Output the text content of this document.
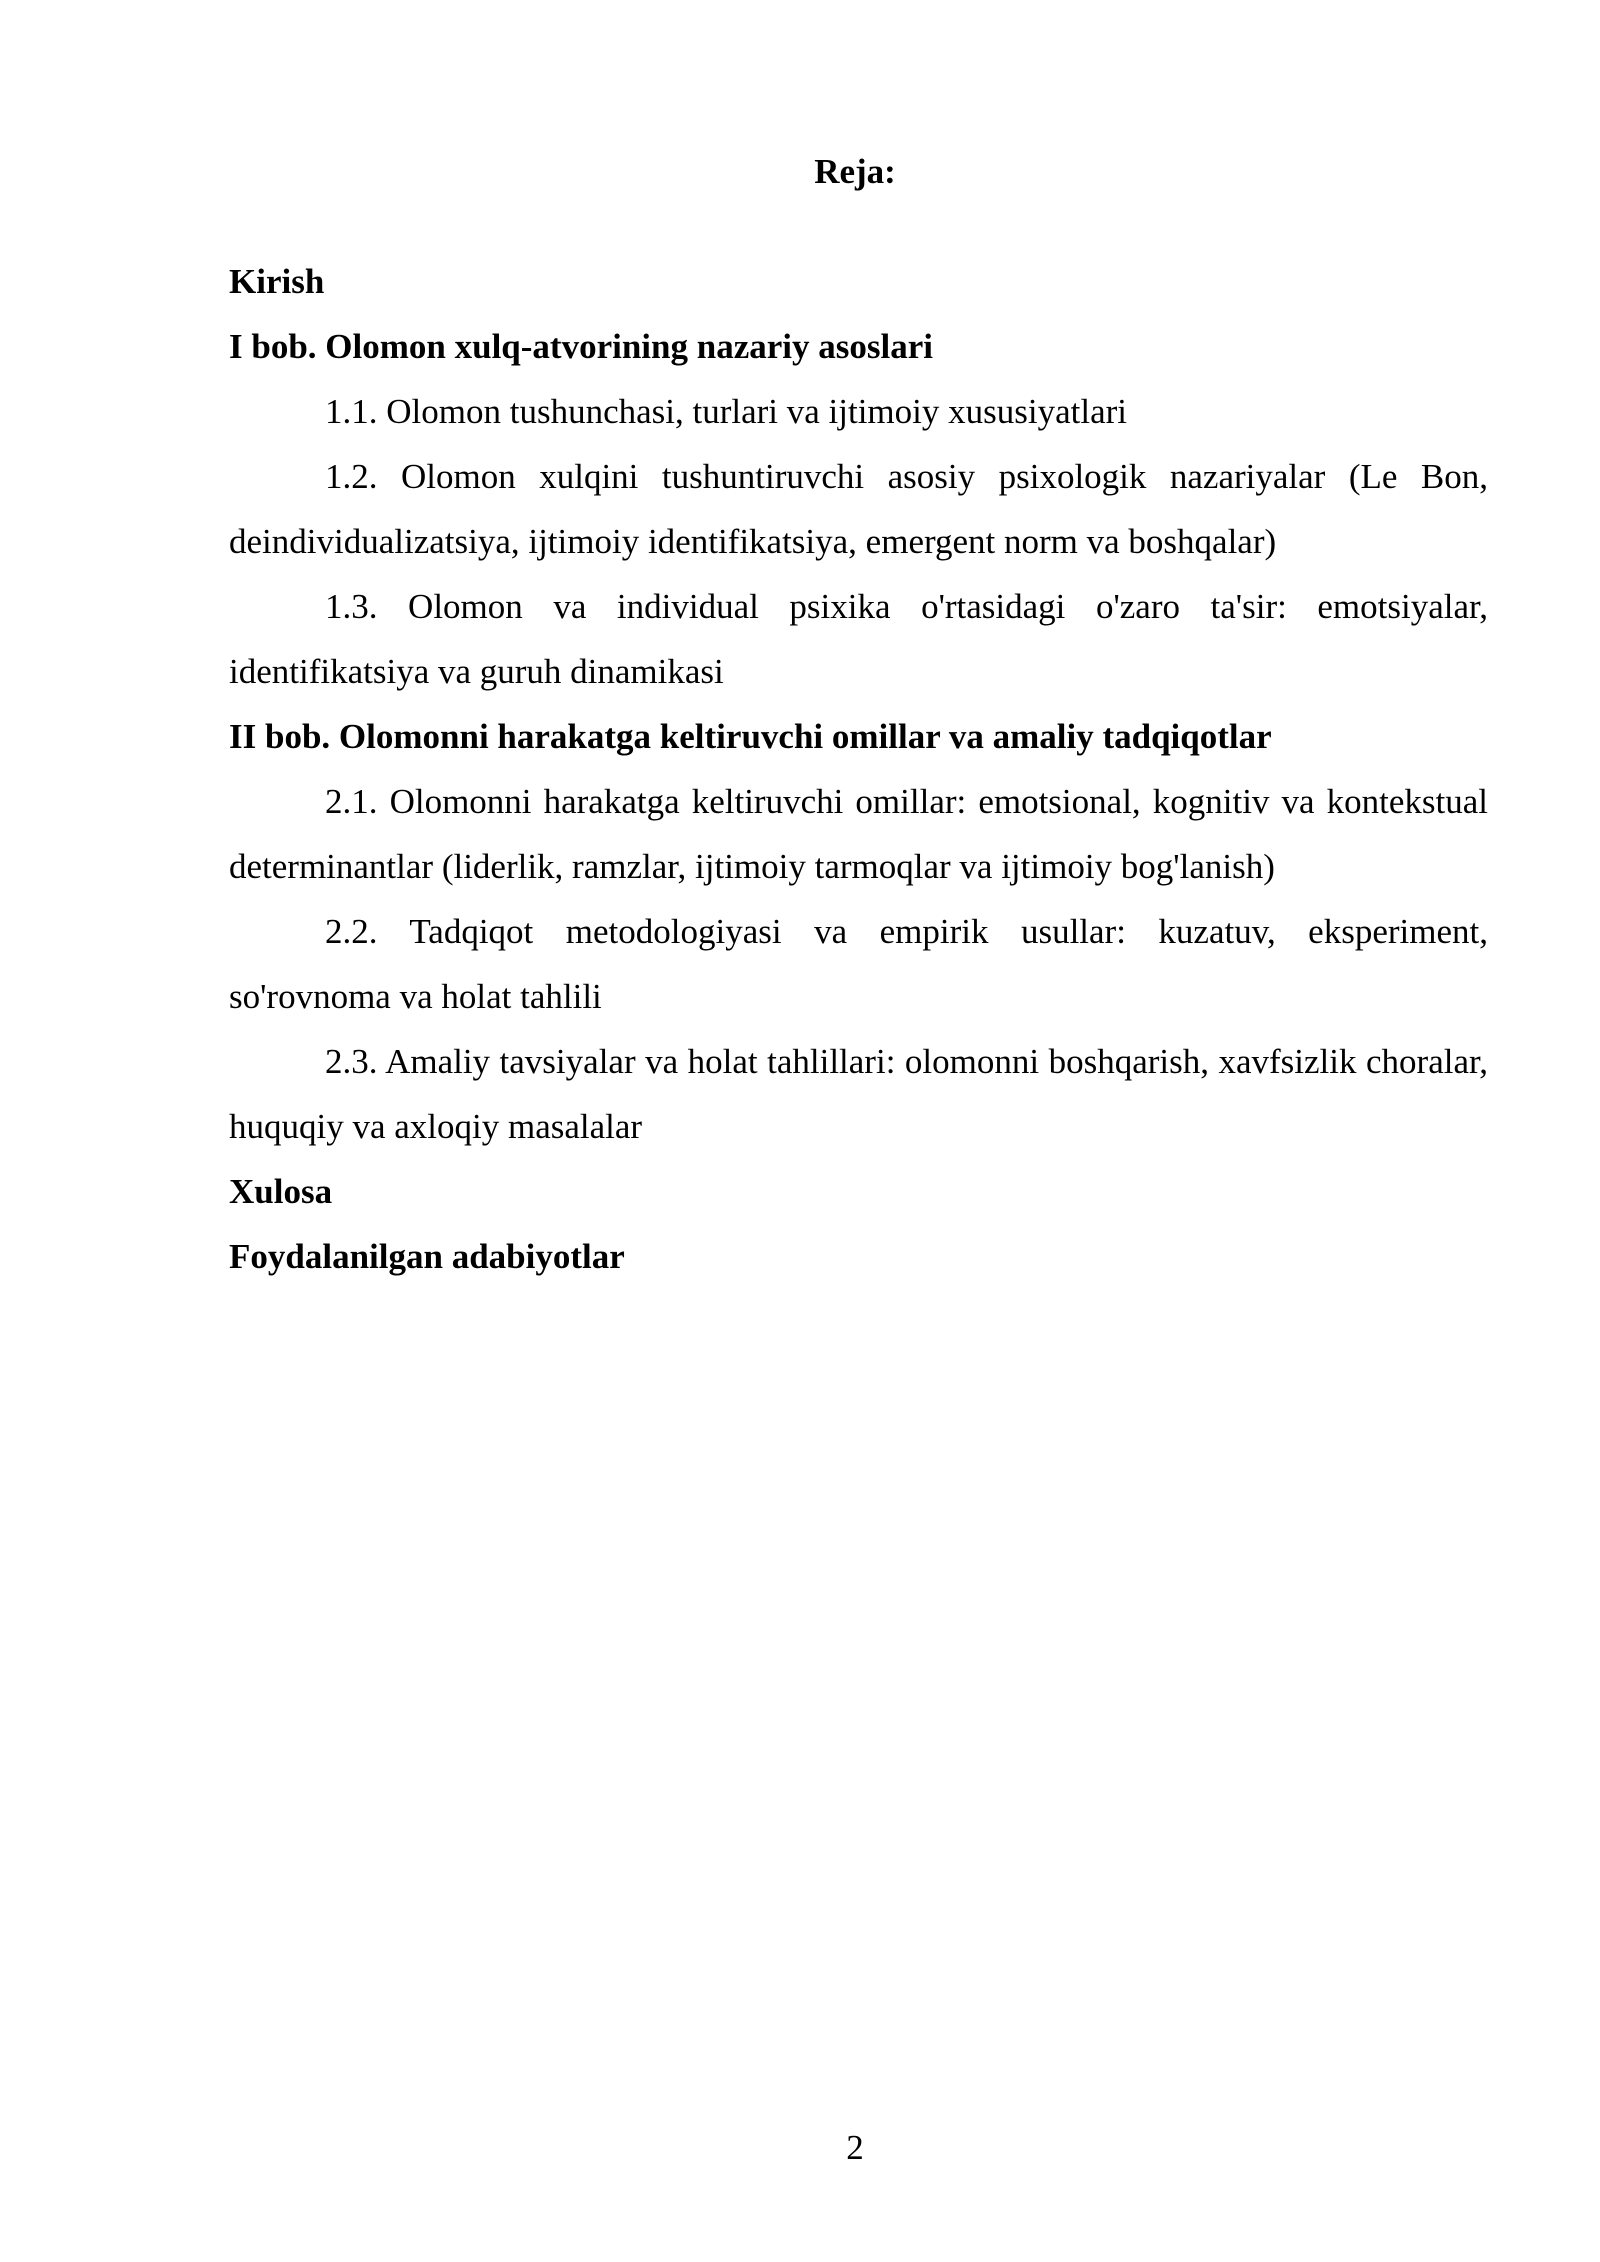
Reja:

Kirish

I bob. Olomon xulq-atvorining nazariy asoslari

1.1. Olomon tushunchasi, turlari va ijtimoiy xususiyatlari

1.2. Olomon xulqini tushuntiruvchi asosiy psixologik nazariyalar (Le Bon, deindividualizatsiya, ijtimoiy identifikatsiya, emergent norm va boshqalar)

1.3. Olomon va individual psixika o'rtasidagi o'zaro ta'sir: emotsiyalar, identifikatsiya va guruh dinamikasi

II bob. Olomonni harakatga keltiruvchi omillar va amaliy tadqiqotlar

2.1. Olomonni harakatga keltiruvchi omillar: emotsional, kognitiv va kontekstual determinantlar (liderlik, ramzlar, ijtimoiy tarmoqlar va ijtimoiy bog'lanish)

2.2. Tadqiqot metodologiyasi va empirik usullar: kuzatuv, eksperiment, so'rovnoma va holat tahlili

2.3. Amaliy tavsiyalar va holat tahlillari: olomonni boshqarish, xavfsizlik choralar, huquqiy va axloqiy masalalar

Xulosa

Foydalanilgan adabiyotlar

2
